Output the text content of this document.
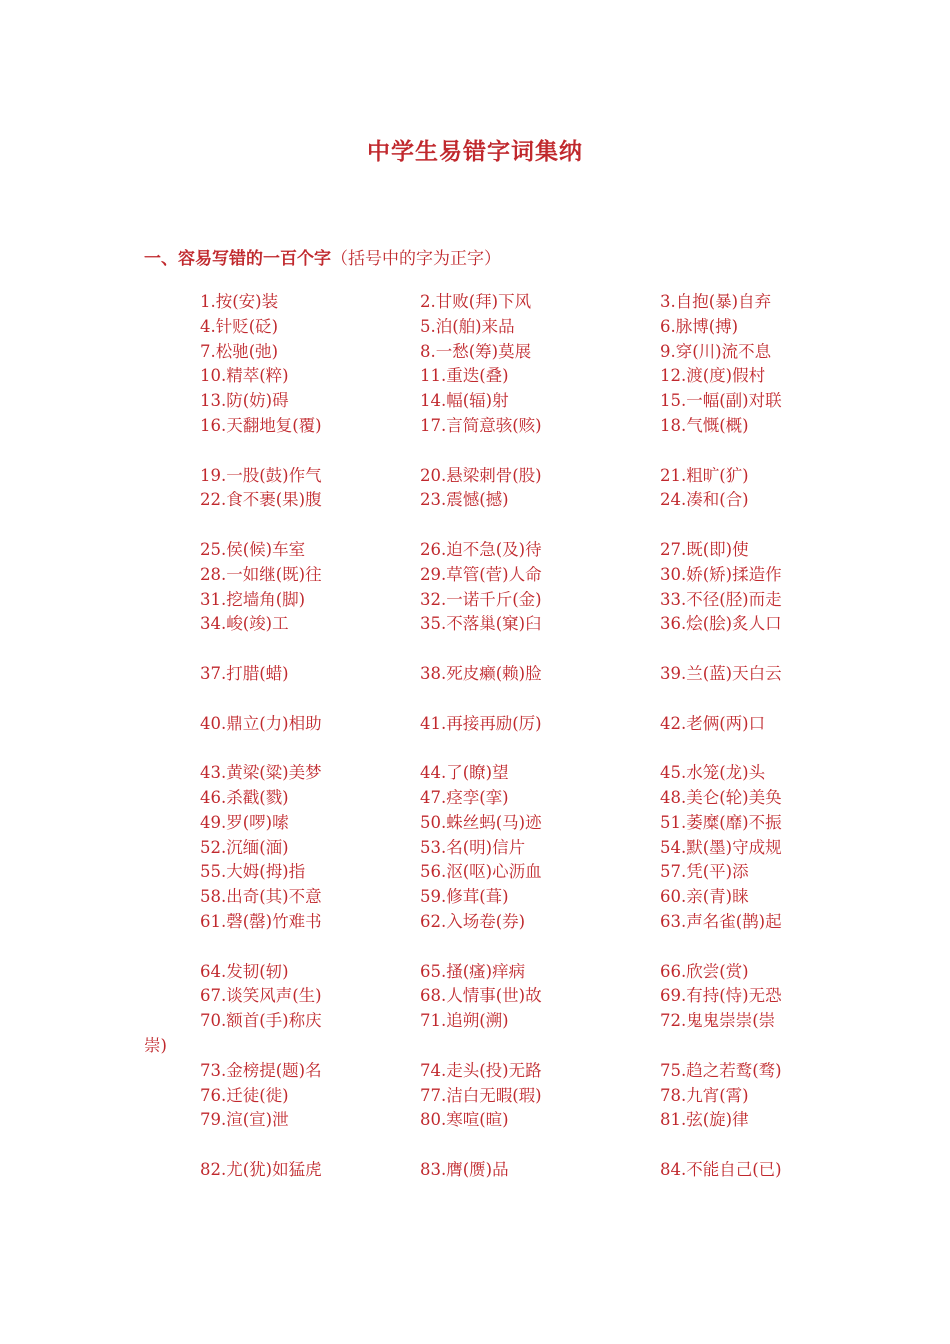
中学生易错字词集纳
一、容易写错的一百个字（括号中的字为正字）
1.按(安)装	2.甘败(拜)下风	3.自抱(暴)自弃
4.针贬(砭)	5.泊(舶)来品	6.脉博(搏)
7.松驰(弛)	8.一愁(筹)莫展	9.穿(川)流不息
10.精萃(粹)	11.重迭(叠)	12.渡(度)假村
13.防(妨)碍	14.幅(辐)射	15.一幅(副)对联
16.天翻地复(覆)	17.言简意骇(赅)	18.气慨(概)
19.一股(鼓)作气	20.悬梁刺骨(股)	21.粗旷(犷)
22.食不裹(果)腹	23.震憾(撼)	24.凑和(合)
25.侯(候)车室	26.迫不急(及)待	27.既(即)使
28.一如继(既)往	29.草管(菅)人命	30.娇(矫)揉造作
31.挖墙角(脚)	32.一诺千斤(金)	33.不径(胫)而走
34.峻(竣)工	35.不落巢(窠)臼	36.烩(脍)炙人口
37.打腊(蜡)	38.死皮癞(赖)脸	39.兰(蓝)天白云
40.鼎立(力)相助	41.再接再励(厉)	42.老俩(两)口
43.黄梁(粱)美梦	44.了(瞭)望	45.水笼(龙)头
46.杀戳(戮)	47.痉孪(挛)	48.美仑(轮)美奂
49.罗(啰)嗦	50.蛛丝蚂(马)迹	51.萎糜(靡)不振
52.沉缅(湎)	53.名(明)信片	54.默(墨)守成规
55.大姆(拇)指	56.沤(呕)心沥血	57.凭(平)添
58.出奇(其)不意	59.修茸(葺)	60.亲(青)睐
61.磬(罄)竹难书	62.入场卷(券)	63.声名雀(鹊)起
64.发韧(轫)	65.搔(瘙)痒病	66.欣尝(赏)
67.谈笑风声(生)	68.人情事(世)故	69.有持(恃)无恐
70.额首(手)称庆	71.追朔(溯)	72.鬼鬼崇崇(崇
崇)
73.金榜提(题)名	74.走头(投)无路	75.趋之若鹜(骛)
76.迁徒(徙)	77.洁白无暇(瑕)	78.九宵(霄)
79.渲(宣)泄	80.寒喧(暄)	81.弦(旋)律
82.尤(犹)如猛虎	83.膺(赝)品	84.不能自己(已)
